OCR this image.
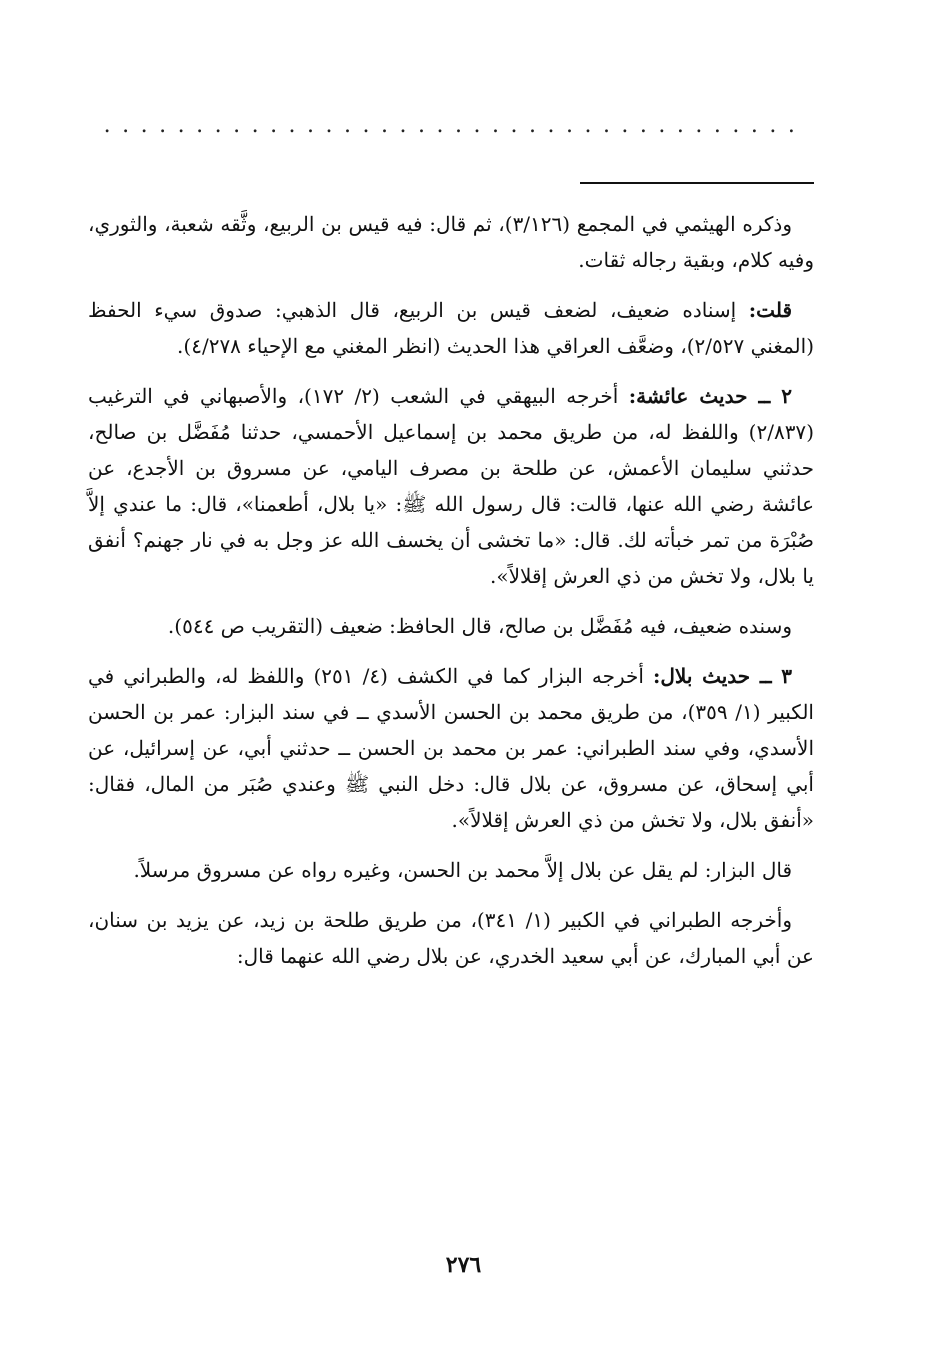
......................................

وذكره الهيثمي في المجمع (٣/١٢٦)، ثم قال: فيه قيس بن الربيع، وثَّقه شعبة، والثوري، وفيه كلام، وبقية رجاله ثقات.

قلت: إسناده ضعيف، لضعف قيس بن الربيع، قال الذهبي: صدوق سيء الحفظ (المغني ٢/٥٢٧)، وضعَّف العراقي هذا الحديث (انظر المغني مع الإحياء ٤/٢٧٨).

٢ ــ حديث عائشة: أخرجه البيهقي في الشعب (٢/ ١٧٢)، والأصبهاني في الترغيب (٢/٨٣٧) واللفظ له، من طريق محمد بن إسماعيل الأحمسي، حدثنا مُفَضَّل بن صالح، حدثني سليمان الأعمش، عن طلحة بن مصرف اليامي، عن مسروق بن الأجدع، عن عائشة رضي الله عنها، قالت: قال رسول الله ﷺ: «يا بلال، أطعمنا»، قال: ما عندي إلاَّ صُبْرَة من تمر خبأته لك. قال: «ما تخشى أن يخسف الله عز وجل به في نار جهنم؟ أنفق يا بلال، ولا تخش من ذي العرش إقلالاً».

وسنده ضعيف، فيه مُفَضَّل بن صالح، قال الحافظ: ضعيف (التقريب ص ٥٤٤).

٣ ــ حديث بلال: أخرجه البزار كما في الكشف (٤/ ٢٥١) واللفظ له، والطبراني في الكبير (١/ ٣٥٩)، من طريق محمد بن الحسن الأسدي ــ في سند البزار: عمر بن الحسن الأسدي، وفي سند الطبراني: عمر بن محمد بن الحسن ــ حدثني أبي، عن إسرائيل، عن أبي إسحاق، عن مسروق، عن بلال قال: دخل النبي ﷺ وعندي صُبَر من المال، فقال: «أنفق بلال، ولا تخش من ذي العرش إقلالاً».

قال البزار: لم يقل عن بلال إلاَّ محمد بن الحسن، وغيره رواه عن مسروق مرسلاً.

وأخرجه الطبراني في الكبير (١/ ٣٤١)، من طريق طلحة بن زيد، عن يزيد بن سنان، عن أبي المبارك، عن أبي سعيد الخدري، عن بلال رضي الله عنهما قال:

٢٧٦
